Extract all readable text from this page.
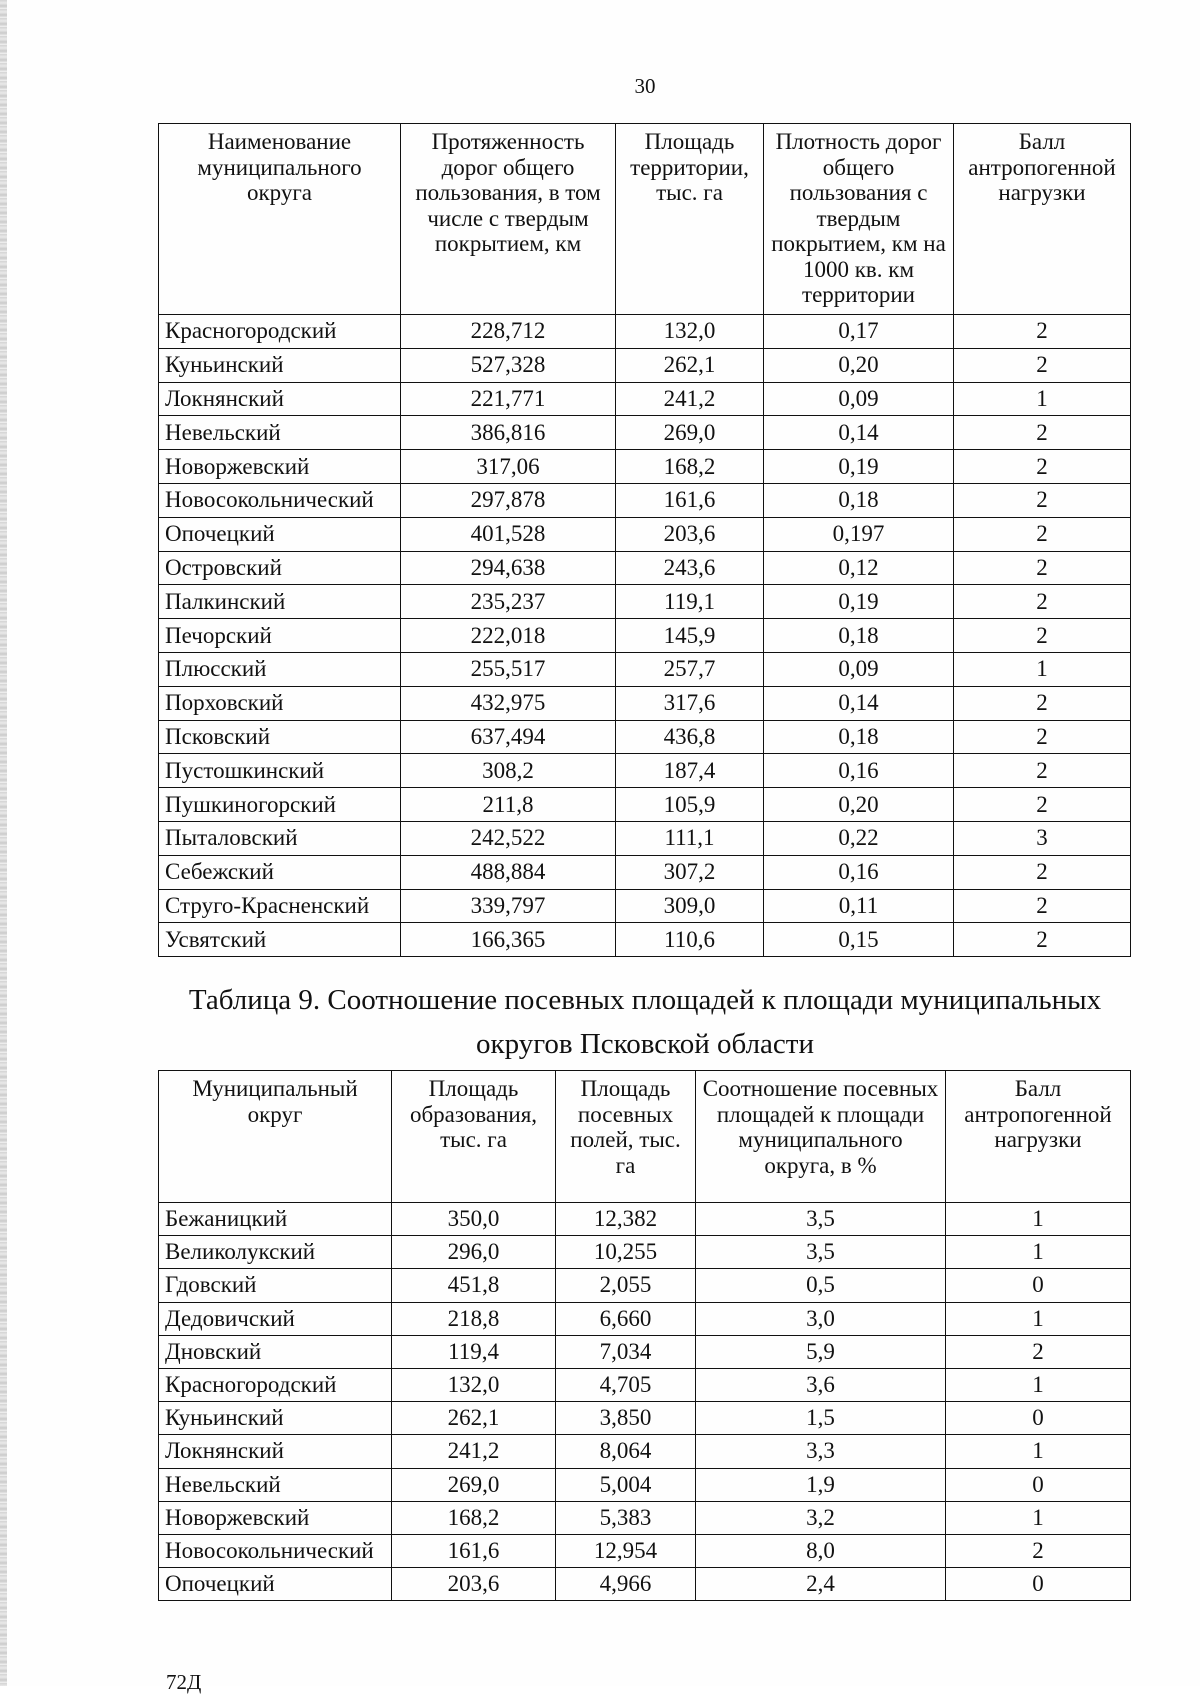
30
Наименование муниципального округа	Протяженность дорог общего пользования, в том числе с твердым покрытием, км	Площадь территории, тыс. га	Плотность дорог общего пользования с твердым покрытием, км на 1000 кв. км территории	Балл антропогенной нагрузки
Красногородский	228,712	132,0	0,17	2
Куньинский	527,328	262,1	0,20	2
Локнянский	221,771	241,2	0,09	1
Невельский	386,816	269,0	0,14	2
Новоржевский	317,06	168,2	0,19	2
Новосокольнический	297,878	161,6	0,18	2
Опочецкий	401,528	203,6	0,197	2
Островский	294,638	243,6	0,12	2
Палкинский	235,237	119,1	0,19	2
Печорский	222,018	145,9	0,18	2
Плюсский	255,517	257,7	0,09	1
Порховский	432,975	317,6	0,14	2
Псковский	637,494	436,8	0,18	2
Пустошкинский	308,2	187,4	0,16	2
Пушкиногорский	211,8	105,9	0,20	2
Пыталовский	242,522	111,1	0,22	3
Себежский	488,884	307,2	0,16	2
Струго-Красненский	339,797	309,0	0,11	2
Усвятский	166,365	110,6	0,15	2
Таблица 9. Соотношение посевных площадей к площади муниципальных округов Псковской области
Муниципальный округ	Площадь образования, тыс. га	Площадь посевных полей, тыс. га	Соотношение посевных площадей к площади муниципального округа, в %	Балл антропогенной нагрузки
Бежаницкий	350,0	12,382	3,5	1
Великолукский	296,0	10,255	3,5	1
Гдовский	451,8	2,055	0,5	0
Дедовичский	218,8	6,660	3,0	1
Дновский	119,4	7,034	5,9	2
Красногородский	132,0	4,705	3,6	1
Куньинский	262,1	3,850	1,5	0
Локнянский	241,2	8,064	3,3	1
Невельский	269,0	5,004	1,9	0
Новоржевский	168,2	5,383	3,2	1
Новосокольнический	161,6	12,954	8,0	2
Опочецкий	203,6	4,966	2,4	0
72Д
